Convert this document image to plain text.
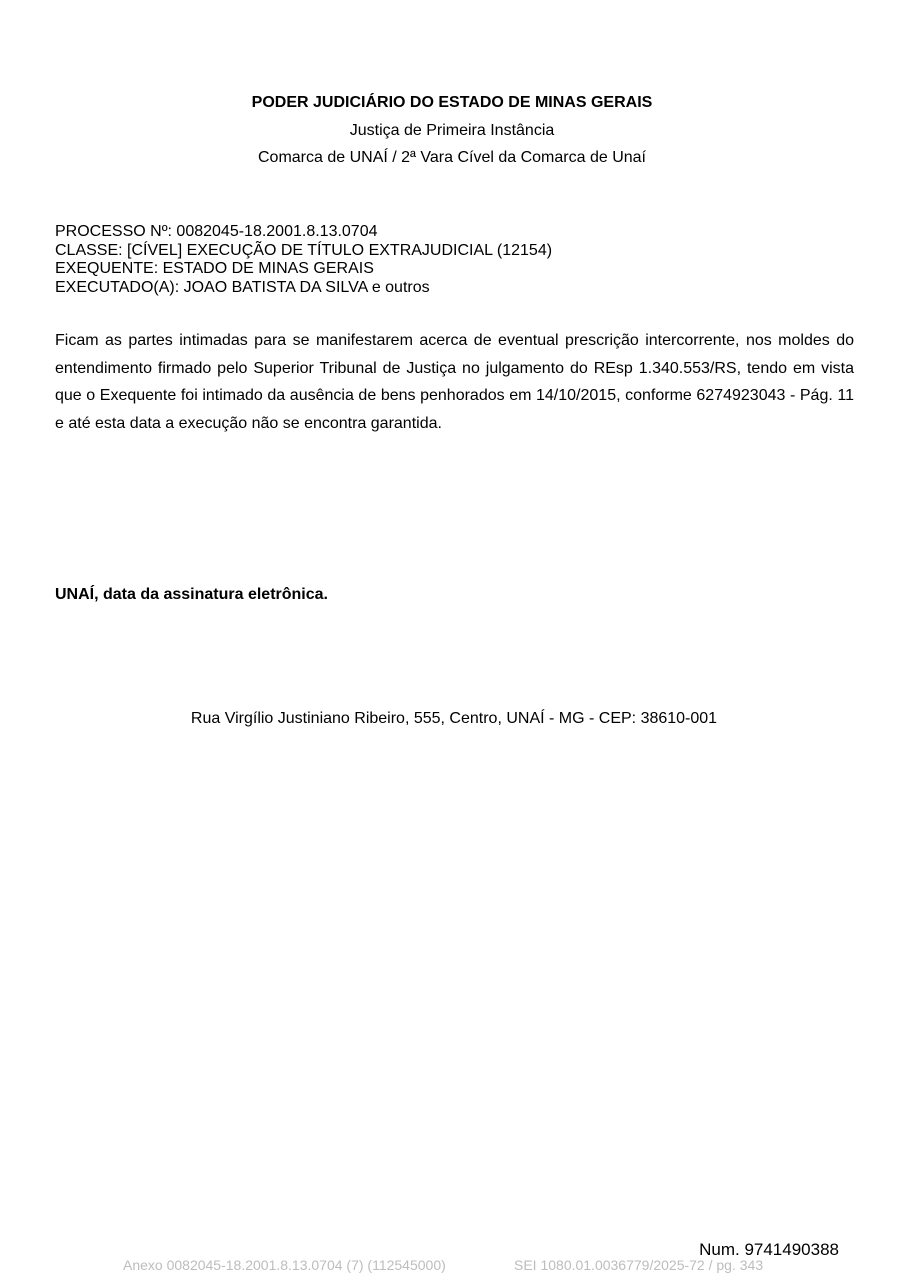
PODER JUDICIÁRIO DO ESTADO DE MINAS GERAIS
Justiça de Primeira Instância
Comarca de UNAÍ / 2ª Vara Cível da Comarca de Unaí
PROCESSO Nº: 0082045-18.2001.8.13.0704
CLASSE: [CÍVEL] EXECUÇÃO DE TÍTULO EXTRAJUDICIAL (12154)
EXEQUENTE: ESTADO DE MINAS GERAIS
EXECUTADO(A): JOAO BATISTA DA SILVA e outros
Ficam as partes intimadas para se manifestarem acerca de eventual prescrição intercorrente, nos moldes do entendimento firmado pelo Superior Tribunal de Justiça no julgamento do REsp 1.340.553/RS, tendo em vista que o Exequente foi intimado da ausência de bens penhorados em 14/10/2015, conforme 6274923043 - Pág. 11 e até esta data a execução não se encontra garantida.
UNAÍ, data da assinatura eletrônica.
Rua Virgílio Justiniano Ribeiro, 555, Centro, UNAÍ - MG - CEP: 38610-001
Num. 9741490388
Anexo 0082045-18.2001.8.13.0704 (7) (112545000)	SEI 1080.01.0036779/2025-72 / pg. 343
